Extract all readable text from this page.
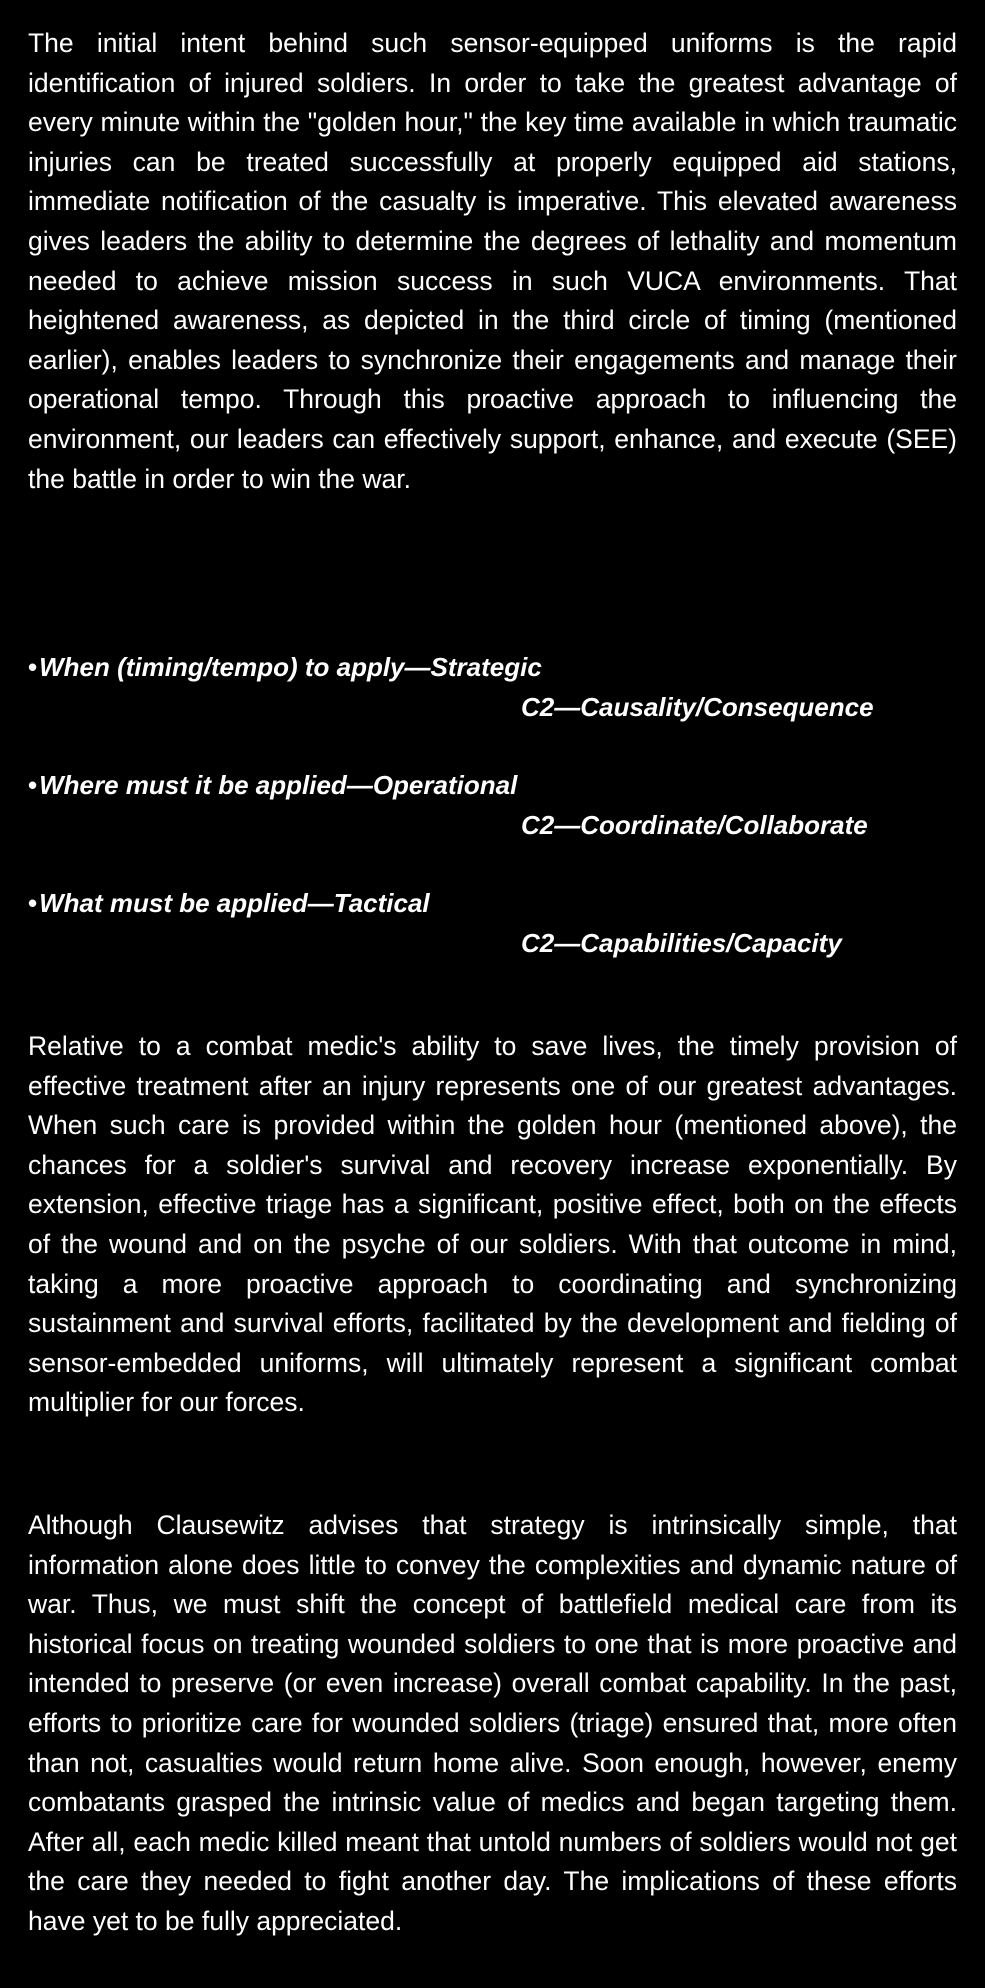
The initial intent behind such sensor-equipped uniforms is the rapid identification of injured soldiers. In order to take the greatest advantage of every minute within the "golden hour," the key time available in which traumatic injuries can be treated successfully at properly equipped aid stations, immediate notification of the casualty is imperative. This elevated awareness gives leaders the ability to determine the degrees of lethality and momentum needed to achieve mission success in such VUCA environments. That heightened awareness, as depicted in the third circle of timing (mentioned earlier), enables leaders to synchronize their engagements and manage their operational tempo. Through this proactive approach to influencing the environment, our leaders can effectively support, enhance, and execute (SEE) the battle in order to win the war.

• When (timing/tempo) to apply—Strategic
C2—Causality/Consequence
• Where must it be applied—Operational
C2—Coordinate/Collaborate
• What must be applied—Tactical
C2—Capabilities/Capacity

Relative to a combat medic's ability to save lives, the timely provision of effective treatment after an injury represents one of our greatest advantages. When such care is provided within the golden hour (mentioned above), the chances for a soldier's survival and recovery increase exponentially. By extension, effective triage has a significant, positive effect, both on the effects of the wound and on the psyche of our soldiers. With that outcome in mind, taking a more proactive approach to coordinating and synchronizing sustainment and survival efforts, facilitated by the development and fielding of sensor-embedded uniforms, will ultimately represent a significant combat multiplier for our forces.

Although Clausewitz advises that strategy is intrinsically simple, that information alone does little to convey the complexities and dynamic nature of war. Thus, we must shift the concept of battlefield medical care from its historical focus on treating wounded soldiers to one that is more proactive and intended to preserve (or even increase) overall combat capability. In the past, efforts to prioritize care for wounded soldiers (triage) ensured that, more often than not, casualties would return home alive. Soon enough, however, enemy combatants grasped the intrinsic value of medics and began targeting them. After all, each medic killed meant that untold numbers of soldiers would not get the care they needed to fight another day. The implications of these efforts have yet to be fully appreciated.
